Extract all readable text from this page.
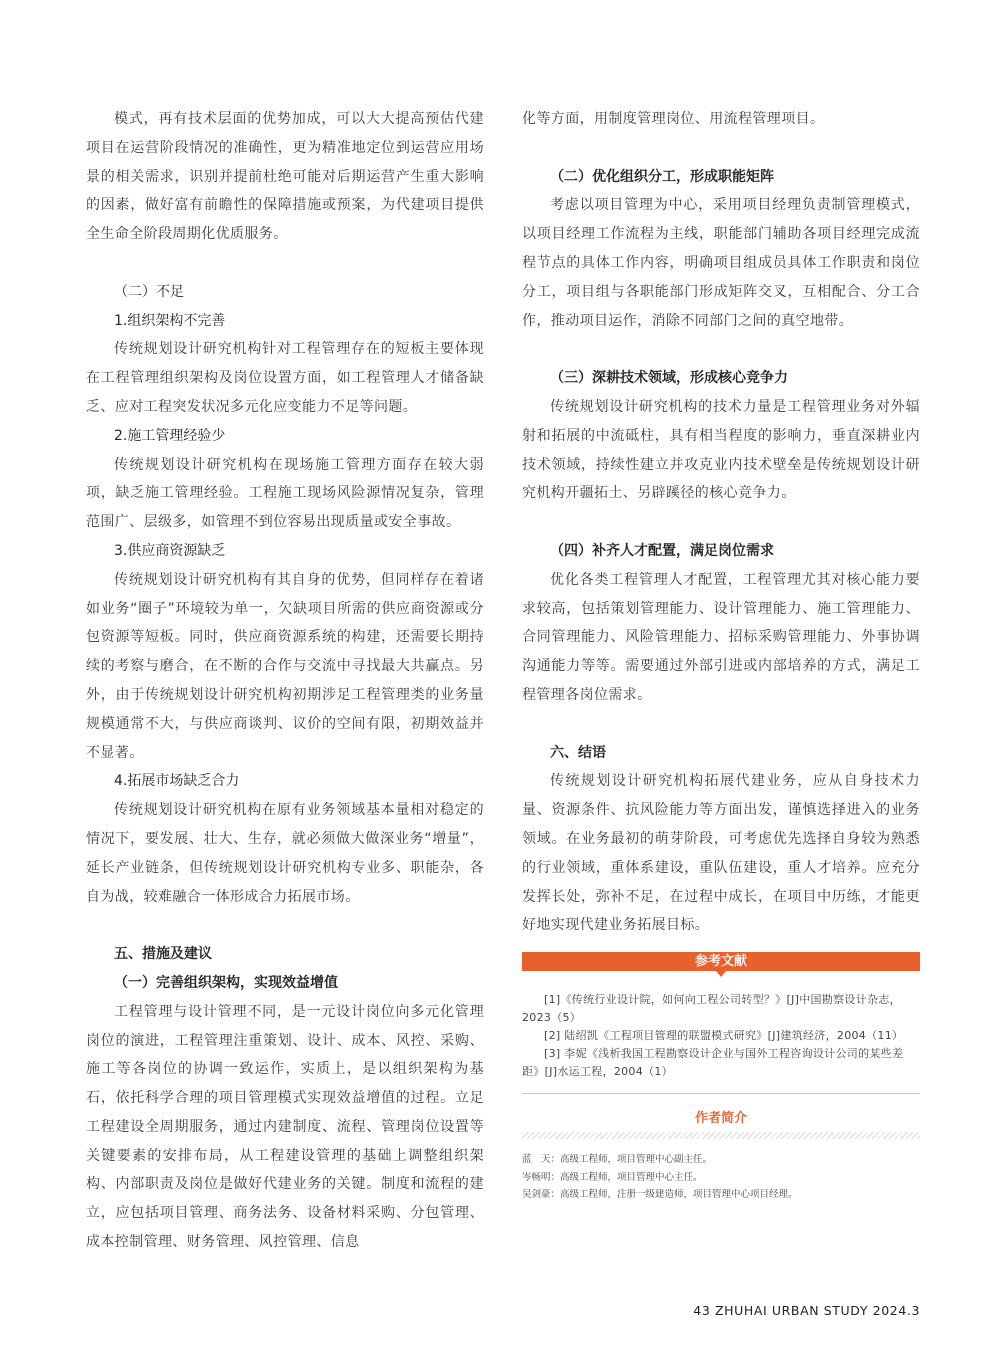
模式，再有技术层面的优势加成，可以大大提高预估代建项目在运营阶段情况的准确性，更为精准地定位到运营应用场景的相关需求，识别并提前杜绝可能对后期运营产生重大影响的因素，做好富有前瞻性的保障措施或预案，为代建项目提供全生命全阶段周期化优质服务。

（二）不足

1.组织架构不完善

传统规划设计研究机构针对工程管理存在的短板主要体现在工程管理组织架构及岗位设置方面，如工程管理人才储备缺乏、应对工程突发状况多元化应变能力不足等问题。

2.施工管理经验少

传统规划设计研究机构在现场施工管理方面存在较大弱项，缺乏施工管理经验。工程施工现场风险源情况复杂，管理范围广、层级多，如管理不到位容易出现质量或安全事故。

3.供应商资源缺乏

传统规划设计研究机构有其自身的优势，但同样存在着诸如业务“圈子”环境较为单一，欠缺项目所需的供应商资源或分包资源等短板。同时，供应商资源系统的构建，还需要长期持续的考察与磨合，在不断的合作与交流中寻找最大共赢点。另外，由于传统规划设计研究机构初期涉足工程管理类的业务量规模通常不大，与供应商谈判、议价的空间有限，初期效益并不显著。

4.拓展市场缺乏合力

传统规划设计研究机构在原有业务领域基本量相对稳定的情况下，要发展、壮大、生存，就必须做大做深业务“增量”，延长产业链条，但传统规划设计研究机构专业多、职能杂，各自为战，较难融合一体形成合力拓展市场。

五、措施及建议

（一）完善组织架构，实现效益增值

工程管理与设计管理不同，是一元设计岗位向多元化管理岗位的演进，工程管理注重策划、设计、成本、风控、采购、施工等各岗位的协调一致运作，实质上，是以组织架构为基石，依托科学合理的项目管理模式实现效益增值的过程。立足工程建设全周期服务，通过内建制度、流程、管理岗位设置等关键要素的安排布局，从工程建设管理的基础上调整组织架构、内部职责及岗位是做好代建业务的关键。制度和流程的建立，应包括项目管理、商务法务、设备材料采购、分包管理、成本控制管理、财务管理、风控管理、信息

化等方面，用制度管理岗位、用流程管理项目。

（二）优化组织分工，形成职能矩阵

考虑以项目管理为中心，采用项目经理负责制管理模式，以项目经理工作流程为主线，职能部门辅助各项目经理完成流程节点的具体工作内容，明确项目组成员具体工作职责和岗位分工，项目组与各职能部门形成矩阵交叉，互相配合、分工合作，推动项目运作，消除不同部门之间的真空地带。

（三）深耕技术领域，形成核心竞争力

传统规划设计研究机构的技术力量是工程管理业务对外辐射和拓展的中流砥柱，具有相当程度的影响力，垂直深耕业内技术领域，持续性建立并攻克业内技术壁垒是传统规划设计研究机构开疆拓土、另辟蹊径的核心竞争力。

（四）补齐人才配置，满足岗位需求

优化各类工程管理人才配置，工程管理尤其对核心能力要求较高，包括策划管理能力、设计管理能力、施工管理能力、合同管理能力、风险管理能力、招标采购管理能力、外事协调沟通能力等等。需要通过外部引进或内部培养的方式，满足工程管理各岗位需求。

六、结语

传统规划设计研究机构拓展代建业务，应从自身技术力量、资源条件、抗风险能力等方面出发，谨慎选择进入的业务领域。在业务最初的萌芽阶段，可考虑优先选择自身较为熟悉的行业领域，重体系建设，重队伍建设，重人才培养。应充分发挥长处，弥补不足，在过程中成长，在项目中历练，才能更好地实现代建业务拓展目标。

参考文献

[1]《传统行业设计院，如何向工程公司转型？》[J]中国勘察设计杂志，2023（5）

[2] 陆绍凯《工程项目管理的联盟模式研究》[J]建筑经济，2004（11）

[3] 李妮《浅析我国工程勘察设计企业与国外工程咨询设计公司的某些差距》[J]水运工程，2004（1）

作者简介

蓝　天：高级工程师，项目管理中心副主任。

岑畅明：高级工程师，项目管理中心主任。

吴剑豪：高级工程师，注册一级建造师，项目管理中心项目经理。

43 ZHUHAI URBAN STUDY 2024.3
